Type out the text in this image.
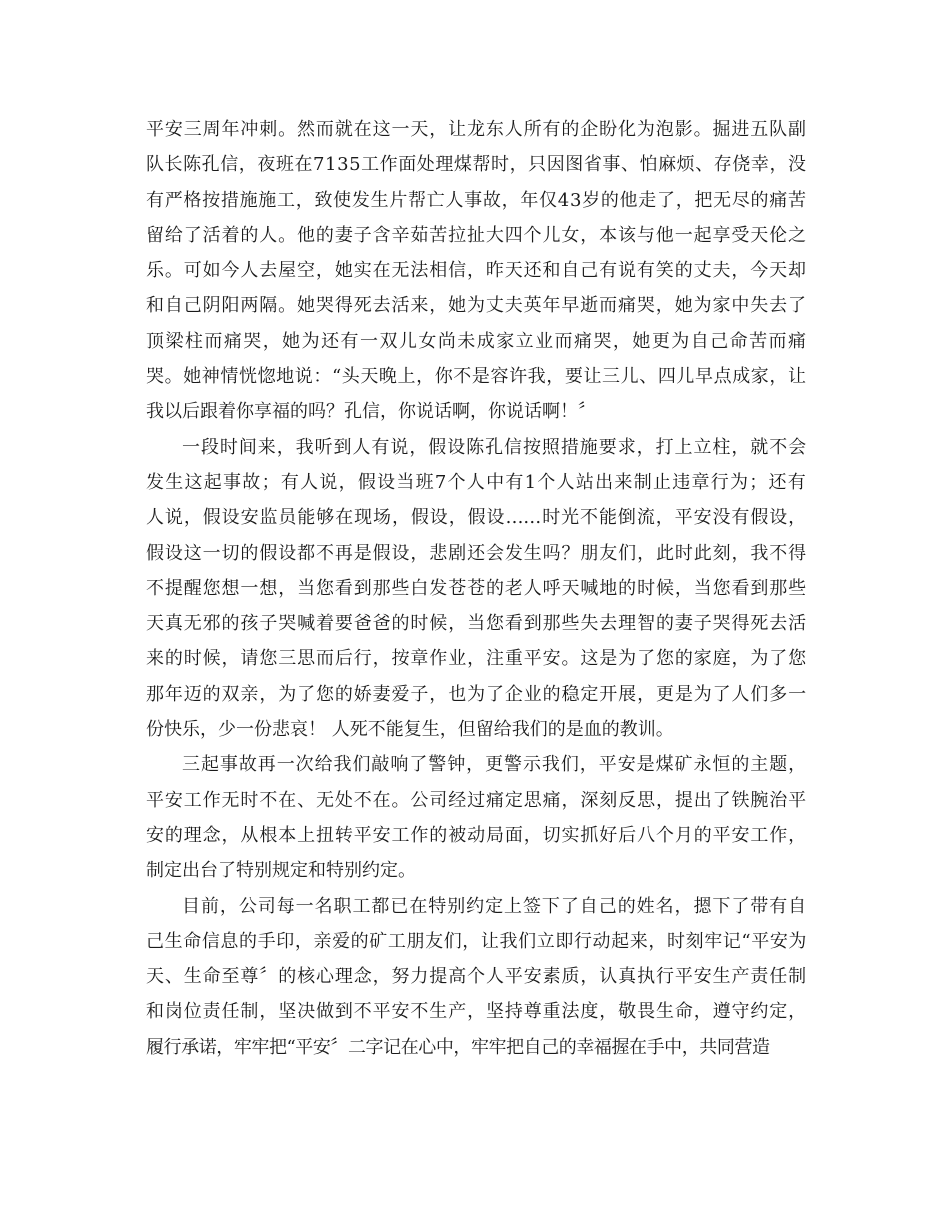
平安三周年冲刺。然而就在这一天，让龙东人所有的企盼化为泡影。掘进五队副
队长陈孔信，夜班在7135工作面处理煤帮时，只因图省事、怕麻烦、存侥幸，没
有严格按措施施工，致使发生片帮亡人事故，年仅43岁的他走了，把无尽的痛苦
留给了活着的人。他的妻子含辛茹苦拉扯大四个儿女，本该与他一起享受天伦之
乐。可如今人去屋空，她实在无法相信，昨天还和自己有说有笑的丈夫，今天却
和自己阴阳两隔。她哭得死去活来，她为丈夫英年早逝而痛哭，她为家中失去了
顶梁柱而痛哭，她为还有一双儿女尚未成家立业而痛哭，她更为自己命苦而痛
哭。她神情恍惚地说：“头天晚上，你不是容许我，要让三儿、四儿早点成家，让
我以后跟着你享福的吗？孔信，你说话啊，你说话啊！〞
一段时间来，我听到人有说，假设陈孔信按照措施要求，打上立柱，就不会
发生这起事故；有人说，假设当班7个人中有1个人站出来制止违章行为；还有
人说，假设安监员能够在现场，假设，假设……时光不能倒流，平安没有假设，
假设这一切的假设都不再是假设，悲剧还会发生吗？朋友们，此时此刻，我不得
不提醒您想一想，当您看到那些白发苍苍的老人呼天喊地的时候，当您看到那些
天真无邪的孩子哭喊着要爸爸的时候，当您看到那些失去理智的妻子哭得死去活
来的时候，请您三思而后行，按章作业，注重平安。这是为了您的家庭，为了您
那年迈的双亲，为了您的娇妻爱子，也为了企业的稳定开展，更是为了人们多一
份快乐，少一份悲哀！ 人死不能复生，但留给我们的是血的教训。
三起事故再一次给我们敲响了警钟，更警示我们，平安是煤矿永恒的主题，
平安工作无时不在、无处不在。公司经过痛定思痛，深刻反思，提出了铁腕治平
安的理念，从根本上扭转平安工作的被动局面，切实抓好后八个月的平安工作，
制定出台了特别规定和特别约定。
目前，公司每一名职工都已在特别约定上签下了自己的姓名，摁下了带有自
己生命信息的手印，亲爱的矿工朋友们，让我们立即行动起来，时刻牢记“平安为
天、生命至尊〞的核心理念，努力提高个人平安素质，认真执行平安生产责任制
和岗位责任制，坚决做到不平安不生产，坚持尊重法度，敬畏生命，遵守约定，
履行承诺，牢牢把“平安〞二字记在心中，牢牢把自己的幸福握在手中，共同营造
